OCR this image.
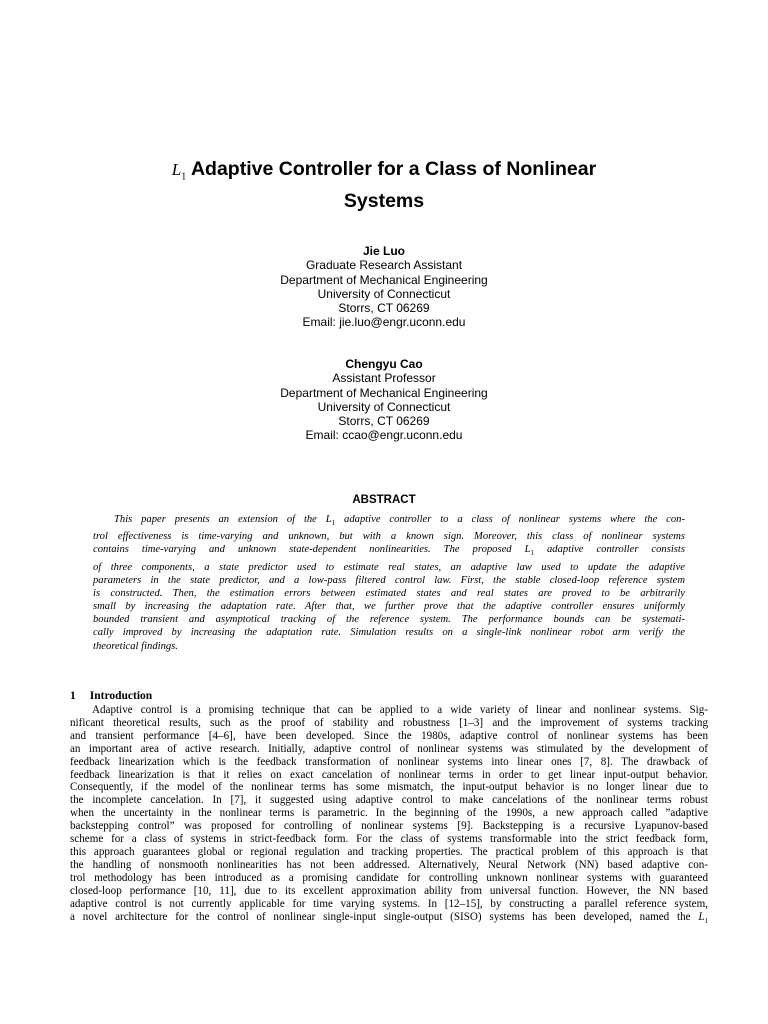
$L_1$ Adaptive Controller for a Class of Nonlinear
Systems
Jie Luo
Graduate Research Assistant
Department of Mechanical Engineering
University of Connecticut
Storrs, CT 06269
Email: jie.luo@engr.uconn.edu
Chengyu Cao
Assistant Professor
Department of Mechanical Engineering
University of Connecticut
Storrs, CT 06269
Email: ccao@engr.uconn.edu
ABSTRACT
This paper presents an extension of the $L_1$ adaptive controller to a class of nonlinear systems where the con-
trol effectiveness is time-varying and unknown, but with a known sign. Moreover, this class of nonlinear systems
contains time-varying and unknown state-dependent nonlinearities. The proposed $L_1$ adaptive controller consists
of three components, a state predictor used to estimate real states, an adaptive law used to update the adaptive
parameters in the state predictor, and a low-pass filtered control law. First, the stable closed-loop reference system
is constructed. Then, the estimation errors between estimated states and real states are proved to be arbitrarily
small by increasing the adaptation rate. After that, we further prove that the adaptive controller ensures uniformly
bounded transient and asymptotical tracking of the reference system. The performance bounds can be systemati-
cally improved by increasing the adaptation rate. Simulation results on a single-link nonlinear robot arm verify the
theoretical findings.
1 Introduction
Adaptive control is a promising technique that can be applied to a wide variety of linear and nonlinear systems. Sig-
nificant theoretical results, such as the proof of stability and robustness [1–3] and the improvement of systems tracking
and transient performance [4–6], have been developed. Since the 1980s, adaptive control of nonlinear systems has been
an important area of active research. Initially, adaptive control of nonlinear systems was stimulated by the development of
feedback linearization which is the feedback transformation of nonlinear systems into linear ones [7, 8]. The drawback of
feedback linearization is that it relies on exact cancelation of nonlinear terms in order to get linear input-output behavior.
Consequently, if the model of the nonlinear terms has some mismatch, the input-output behavior is no longer linear due to
the incomplete cancelation. In [7], it suggested using adaptive control to make cancelations of the nonlinear terms robust
when the uncertainty in the nonlinear terms is parametric. In the beginning of the 1990s, a new approach called ”adaptive
backstepping control” was proposed for controlling of nonlinear systems [9]. Backstepping is a recursive Lyapunov-based
scheme for a class of systems in strict-feedback form. For the class of systems transformable into the strict feedback form,
this approach guarantees global or regional regulation and tracking properties. The practical problem of this approach is that
the handling of nonsmooth nonlinearities has not been addressed. Alternatively, Neural Network (NN) based adaptive con-
trol methodology has been introduced as a promising candidate for controlling unknown nonlinear systems with guaranteed
closed-loop performance [10, 11], due to its excellent approximation ability from universal function. However, the NN based
adaptive control is not currently applicable for time varying systems. In [12–15], by constructing a parallel reference system,
a novel architecture for the control of nonlinear single-input single-output (SISO) systems has been developed, named the $L_1$
